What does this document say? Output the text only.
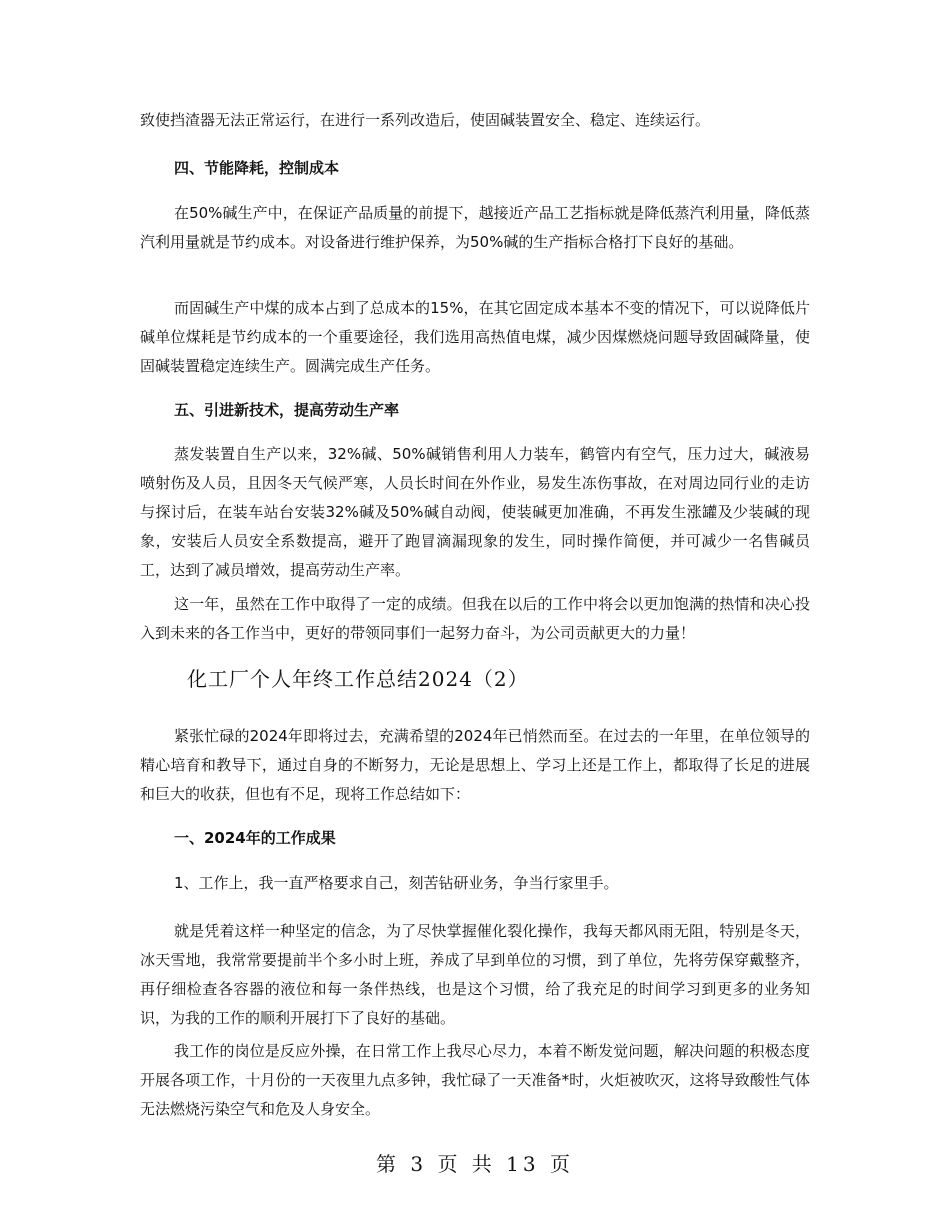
致使挡渣器无法正常运行，在进行一系列改造后，使固碱装置安全、稳定、连续运行。

四、节能降耗，控制成本

在50%碱生产中，在保证产品质量的前提下，越接近产品工艺指标就是降低蒸汽利用量，降低蒸汽利用量就是节约成本。对设备进行维护保养，为50%碱的生产指标合格打下良好的基础。

而固碱生产中煤的成本占到了总成本的15%，在其它固定成本基本不变的情况下，可以说降低片碱单位煤耗是节约成本的一个重要途径，我们选用高热值电煤，减少因煤燃烧问题导致固碱降量，使固碱装置稳定连续生产。圆满完成生产任务。

五、引进新技术，提高劳动生产率

蒸发装置自生产以来，32%碱、50%碱销售利用人力装车，鹤管内有空气，压力过大，碱液易喷射伤及人员，且因冬天气候严寒，人员长时间在外作业，易发生冻伤事故，在对周边同行业的走访与探讨后，在装车站台安装32%碱及50%碱自动阀，使装碱更加准确，不再发生涨罐及少装碱的现象，安装后人员安全系数提高，避开了跑冒滴漏现象的发生，同时操作简便，并可减少一名售碱员工，达到了减员增效，提高劳动生产率。

这一年，虽然在工作中取得了一定的成绩。但我在以后的工作中将会以更加饱满的热情和决心投入到未来的各工作当中，更好的带领同事们一起努力奋斗，为公司贡献更大的力量！

化工厂个人年终工作总结2024（2）

紧张忙碌的2024年即将过去，充满希望的2024年已悄然而至。在过去的一年里，在单位领导的精心培育和教导下，通过自身的不断努力，无论是思想上、学习上还是工作上，都取得了长足的进展和巨大的收获，但也有不足，现将工作总结如下：

一、2024年的工作成果

1、工作上，我一直严格要求自己，刻苦钻研业务，争当行家里手。

就是凭着这样一种坚定的信念，为了尽快掌握催化裂化操作，我每天都风雨无阻，特别是冬天，冰天雪地，我常常要提前半个多小时上班，养成了早到单位的习惯，到了单位，先将劳保穿戴整齐，再仔细检查各容器的液位和每一条伴热线，也是这个习惯，给了我充足的时间学习到更多的业务知识，为我的工作的顺利开展打下了良好的基础。

我工作的岗位是反应外操，在日常工作上我尽心尽力，本着不断发觉问题，解决问题的积极态度开展各项工作，十月份的一天夜里九点多钟，我忙碌了一天准备*时，火炬被吹灭，这将导致酸性气体无法燃烧污染空气和危及人身安全。

第 3 页 共 13 页
